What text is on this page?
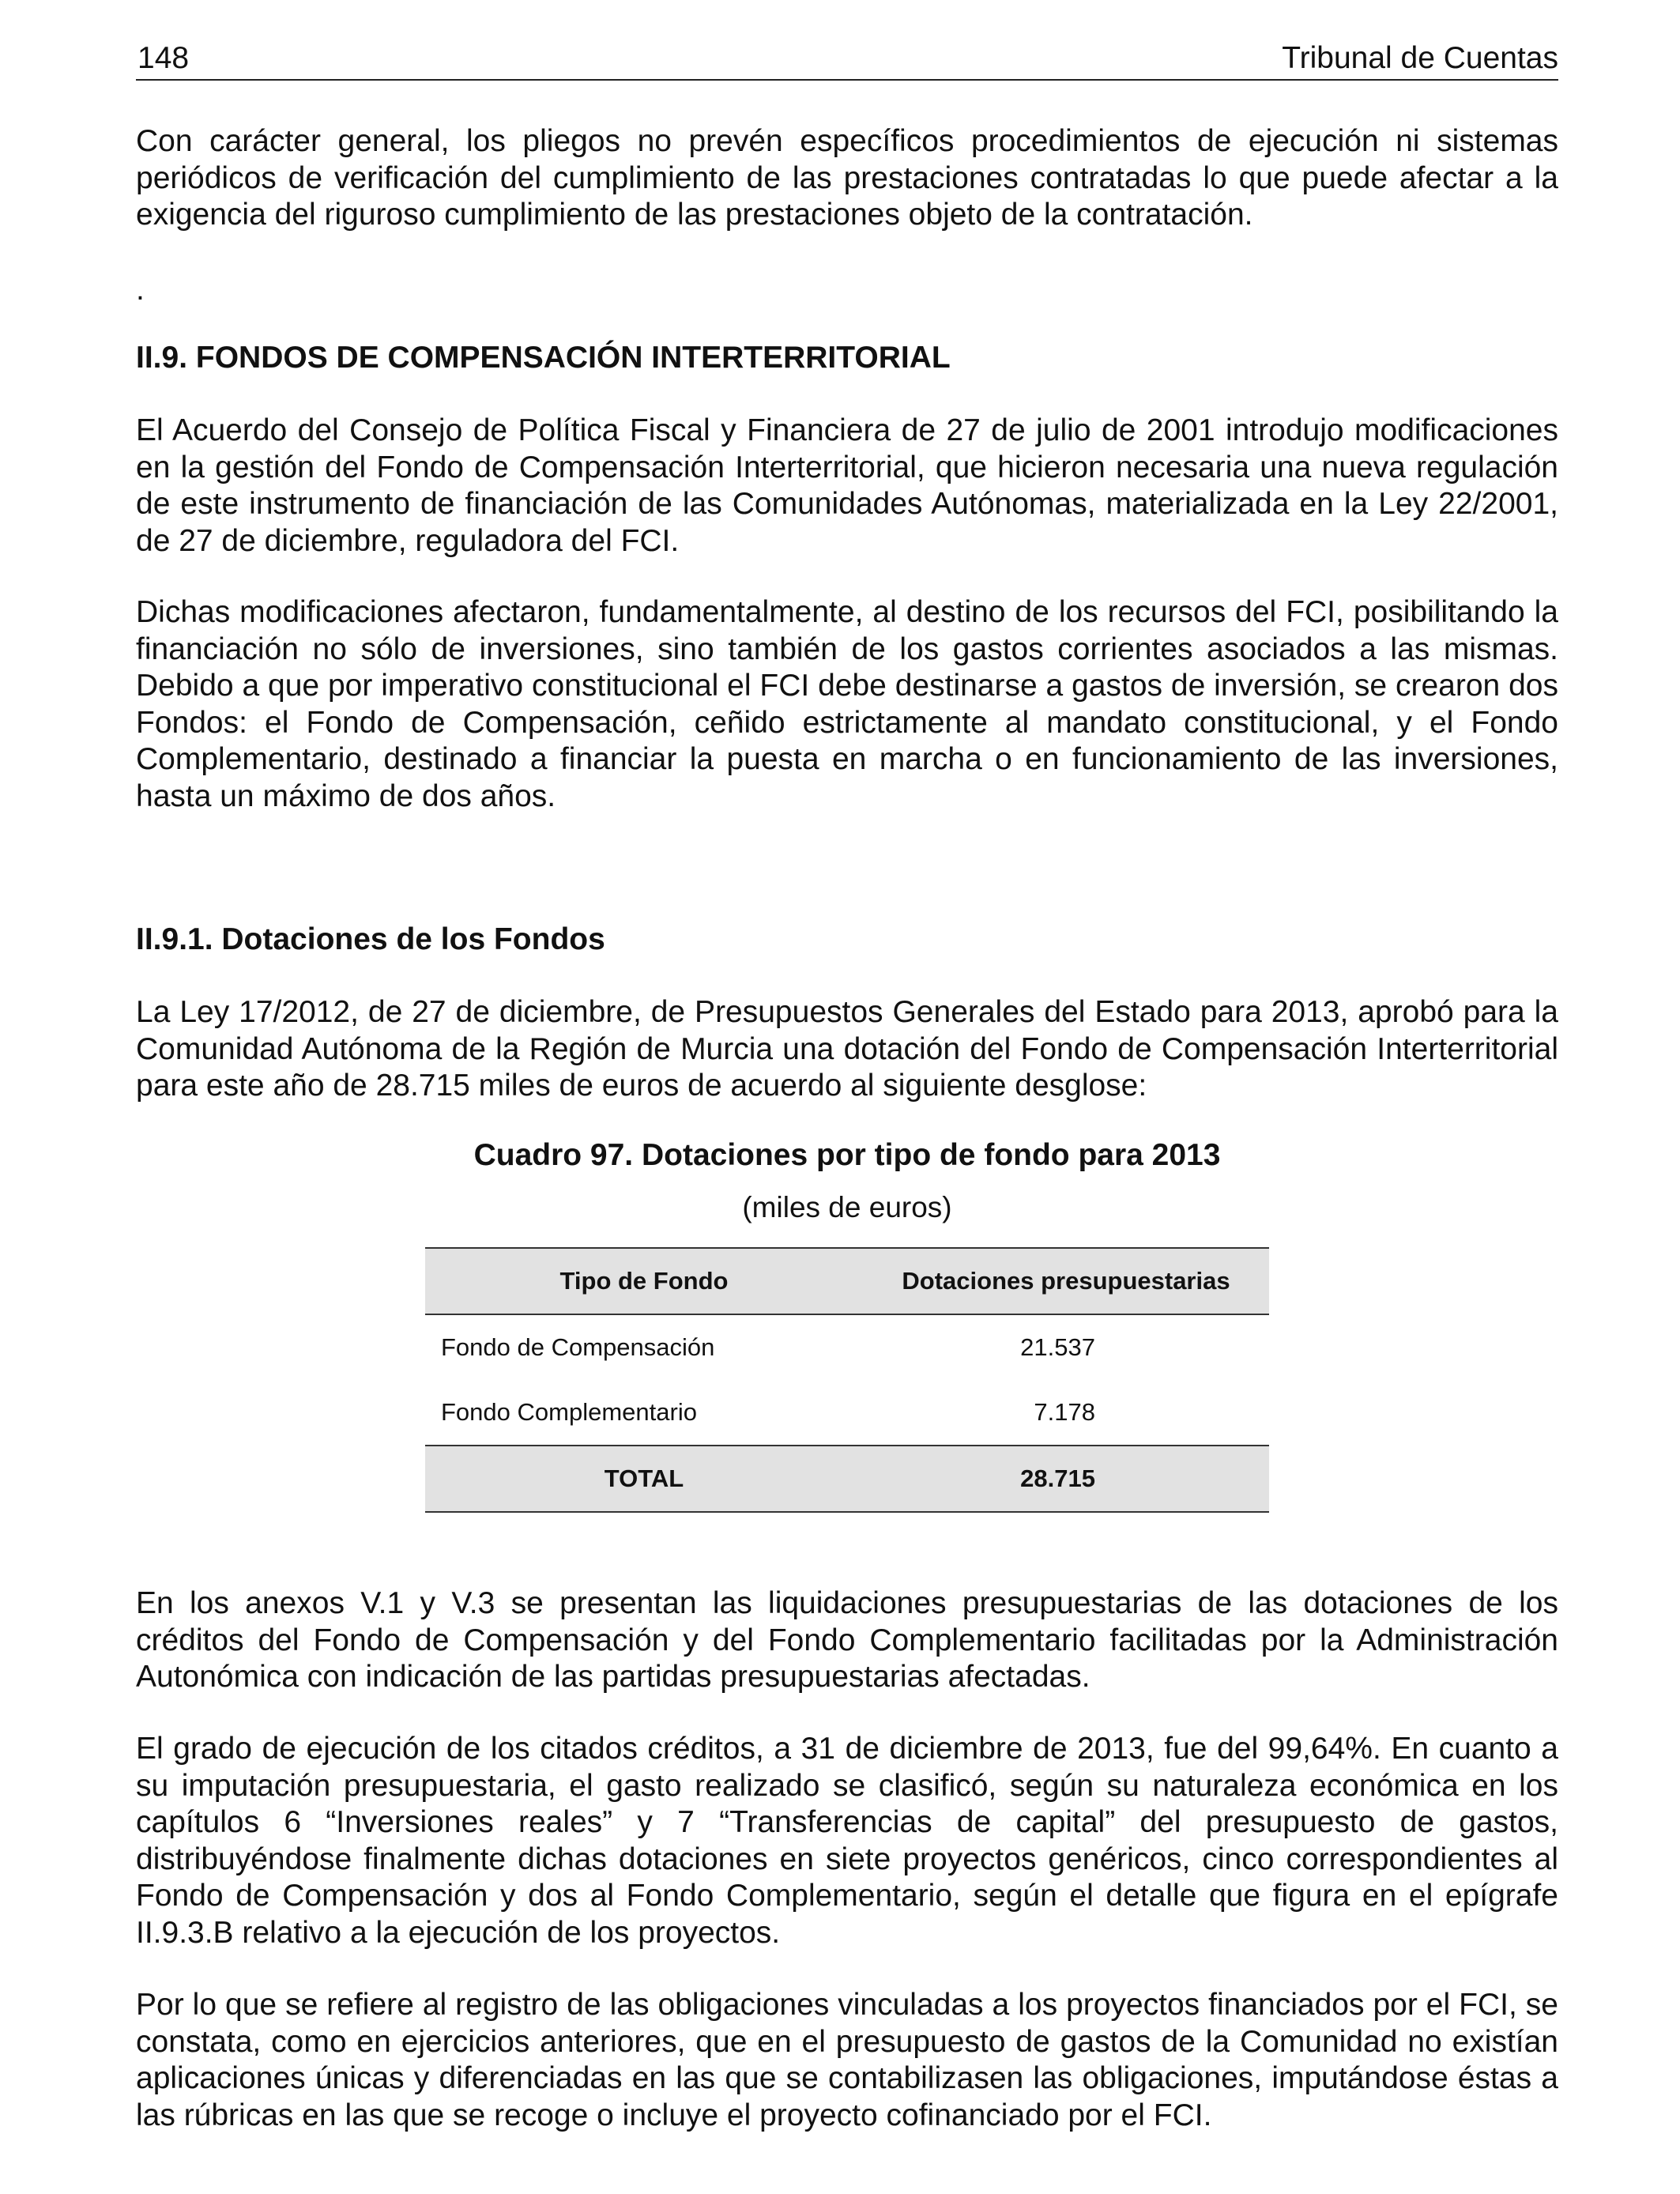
148	Tribunal de Cuentas

Con carácter general, los pliegos no prevén específicos procedimientos de ejecución ni sistemas periódicos de verificación del cumplimiento de las prestaciones contratadas lo que puede afectar a la exigencia del riguroso cumplimiento de las prestaciones objeto de la contratación.

.
II.9. FONDOS DE COMPENSACIÓN INTERTERRITORIAL

El Acuerdo del Consejo de Política Fiscal y Financiera de 27 de julio de 2001 introdujo modificaciones en la gestión del Fondo de Compensación Interterritorial, que hicieron necesaria una nueva regulación de este instrumento de financiación de las Comunidades Autónomas, materializada en la Ley 22/2001, de 27 de diciembre, reguladora del FCI.

Dichas modificaciones afectaron, fundamentalmente, al destino de los recursos del FCI, posibilitando la financiación no sólo de inversiones, sino también de los gastos corrientes asociados a las mismas. Debido a que por imperativo constitucional el FCI debe destinarse a gastos de inversión, se crearon dos Fondos: el Fondo de Compensación, ceñido estrictamente al mandato constitucional, y el Fondo Complementario, destinado a financiar la puesta en marcha o en funcionamiento de las inversiones, hasta un máximo de dos años.

II.9.1. Dotaciones de los Fondos

La Ley 17/2012, de 27 de diciembre, de Presupuestos Generales del Estado para 2013, aprobó para la Comunidad Autónoma de la Región de Murcia una dotación del Fondo de Compensación Interterritorial para este año de 28.715 miles de euros de acuerdo al siguiente desglose:

Cuadro 97. Dotaciones por tipo de fondo para 2013
(miles de euros)
Tipo de Fondo	Dotaciones presupuestarias
Fondo de Compensación	21.537
Fondo Complementario	7.178
TOTAL	28.715

En los anexos V.1 y V.3 se presentan las liquidaciones presupuestarias de las dotaciones de los créditos del Fondo de Compensación y del Fondo Complementario facilitadas por la Administración Autonómica con indicación de las partidas presupuestarias afectadas.

El grado de ejecución de los citados créditos, a 31 de diciembre de 2013, fue del 99,64%. En cuanto a su imputación presupuestaria, el gasto realizado se clasificó, según su naturaleza económica en los capítulos 6 “Inversiones reales” y 7 “Transferencias de capital” del presupuesto de gastos, distribuyéndose finalmente dichas dotaciones en siete proyectos genéricos, cinco correspondientes al Fondo de Compensación y dos al Fondo Complementario, según el detalle que figura en el epígrafe II.9.3.B relativo a la ejecución de los proyectos.

Por lo que se refiere al registro de las obligaciones vinculadas a los proyectos financiados por el FCI, se constata, como en ejercicios anteriores, que en el presupuesto de gastos de la Comunidad no existían aplicaciones únicas y diferenciadas en las que se contabilizasen las obligaciones, imputándose éstas a las rúbricas en las que se recoge o incluye el proyecto cofinanciado por el FCI.
